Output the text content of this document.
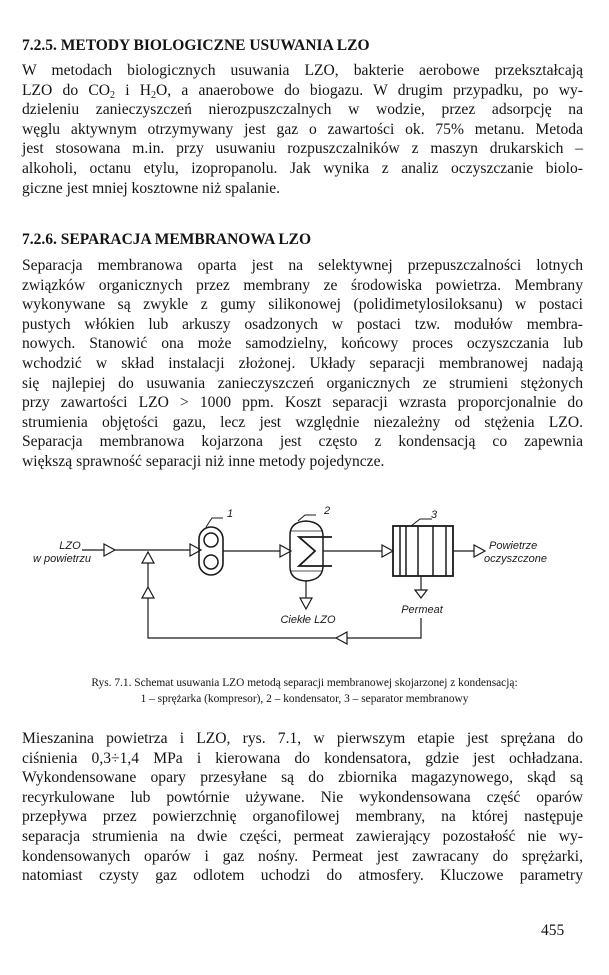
7.2.5. METODY BIOLOGICZNE USUWANIA LZO
W metodach biologicznych usuwania LZO, bakterie aerobowe przekształcają
LZO do $CO_2$ i $H_2O$, a anaerobowe do biogazu. W drugim przypadku, po wy-
dzieleniu zanieczyszczeń nierozpuszczalnych w wodzie, przez adsorpcję na
węglu aktywnym otrzymywany jest gaz o zawartości ok. 75% metanu. Metoda
jest stosowana m.in. przy usuwaniu rozpuszczalników z maszyn drukarskich –
alkoholi, octanu etylu, izopropanolu. Jak wynika z analiz oczyszczanie biolo-
giczne jest mniej kosztowne niż spalanie.
7.2.6. SEPARACJA MEMBRANOWA LZO
Separacja membranowa oparta jest na selektywnej przepuszczalności lotnych
związków organicznych przez membrany ze środowiska powietrza. Membrany
wykonywane są zwykle z gumy silikonowej (polidimetylosiloksanu) w postaci
pustych włókien lub arkuszy osadzonych w postaci tzw. modułów membra-
nowych. Stanowić ona może samodzielny, końcowy proces oczyszczania lub
wchodzić w skład instalacji złożonej. Układy separacji membranowej nadają
się najlepiej do usuwania zanieczyszczeń organicznych ze strumieni stężonych
przy zawartości LZO > 1000 ppm. Koszt separacji wzrasta proporcjonalnie do
strumienia objętości gazu, lecz jest względnie niezależny od stężenia LZO.
Separacja membranowa kojarzona jest często z kondensacją co zapewnia
większą sprawność separacji niż inne metody pojedyncze.
LZO
w powietrzu
Powietrze
oczyszczone
Ciekłe LZO
Permeat
1	2	3
Rys. 7.1. Schemat usuwania LZO metodą separacji membranowej skojarzonej z kondensacją:
1 – sprężarka (kompresor), 2 – kondensator, 3 – separator membranowy
Mieszanina powietrza i LZO, rys. 7.1, w pierwszym etapie jest sprężana do
ciśnienia 0,3÷1,4 MPa i kierowana do kondensatora, gdzie jest ochładzana.
Wykondensowane opary przesyłane są do zbiornika magazynowego, skąd są
recyrkulowane lub powtórnie używane. Nie wykondensowana część oparów
przepływa przez powierzchnię organofilowej membrany, na której następuje
separacja strumienia na dwie części, permeat zawierający pozostałość nie wy-
kondensowanych oparów i gaz nośny. Permeat jest zawracany do sprężarki,
natomiast czysty gaz odlotem uchodzi do atmosfery. Kluczowe parametry
455
